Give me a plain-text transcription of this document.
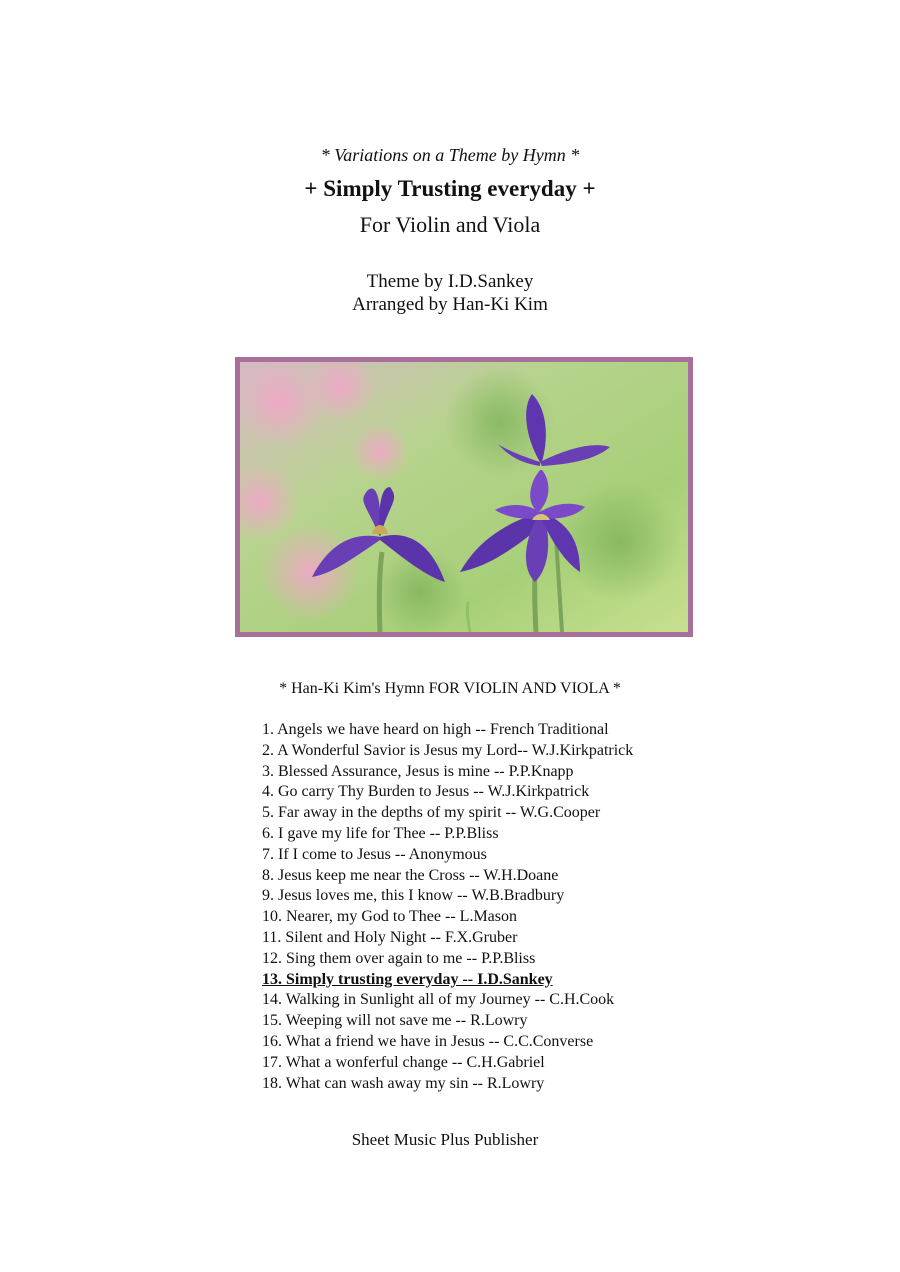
* Variations on a Theme by Hymn *
+ Simply Trusting everyday +
For Violin and Viola
Theme by I.D.Sankey
Arranged by Han-Ki Kim
* Han-Ki Kim's Hymn FOR VIOLIN AND VIOLA *
1. Angels we have heard on high -- French Traditional
2. A Wonderful Savior is Jesus my Lord-- W.J.Kirkpatrick
3. Blessed Assurance, Jesus is mine -- P.P.Knapp
4. Go carry Thy Burden to Jesus -- W.J.Kirkpatrick
5. Far away in the depths of my spirit -- W.G.Cooper
6. I gave my life for Thee -- P.P.Bliss
7. If I come to Jesus -- Anonymous
8. Jesus keep me near the Cross -- W.H.Doane
9. Jesus loves me, this I know -- W.B.Bradbury
10. Nearer, my God to Thee -- L.Mason
11. Silent and Holy Night -- F.X.Gruber
12. Sing them over again to me -- P.P.Bliss
13. Simply trusting everyday -- I.D.Sankey
14. Walking in Sunlight all of my Journey -- C.H.Cook
15. Weeping will not save me -- R.Lowry
16. What a friend we have in Jesus -- C.C.Converse
17. What a wonferful change -- C.H.Gabriel
18. What can wash away my sin -- R.Lowry
Sheet Music Plus Publisher
